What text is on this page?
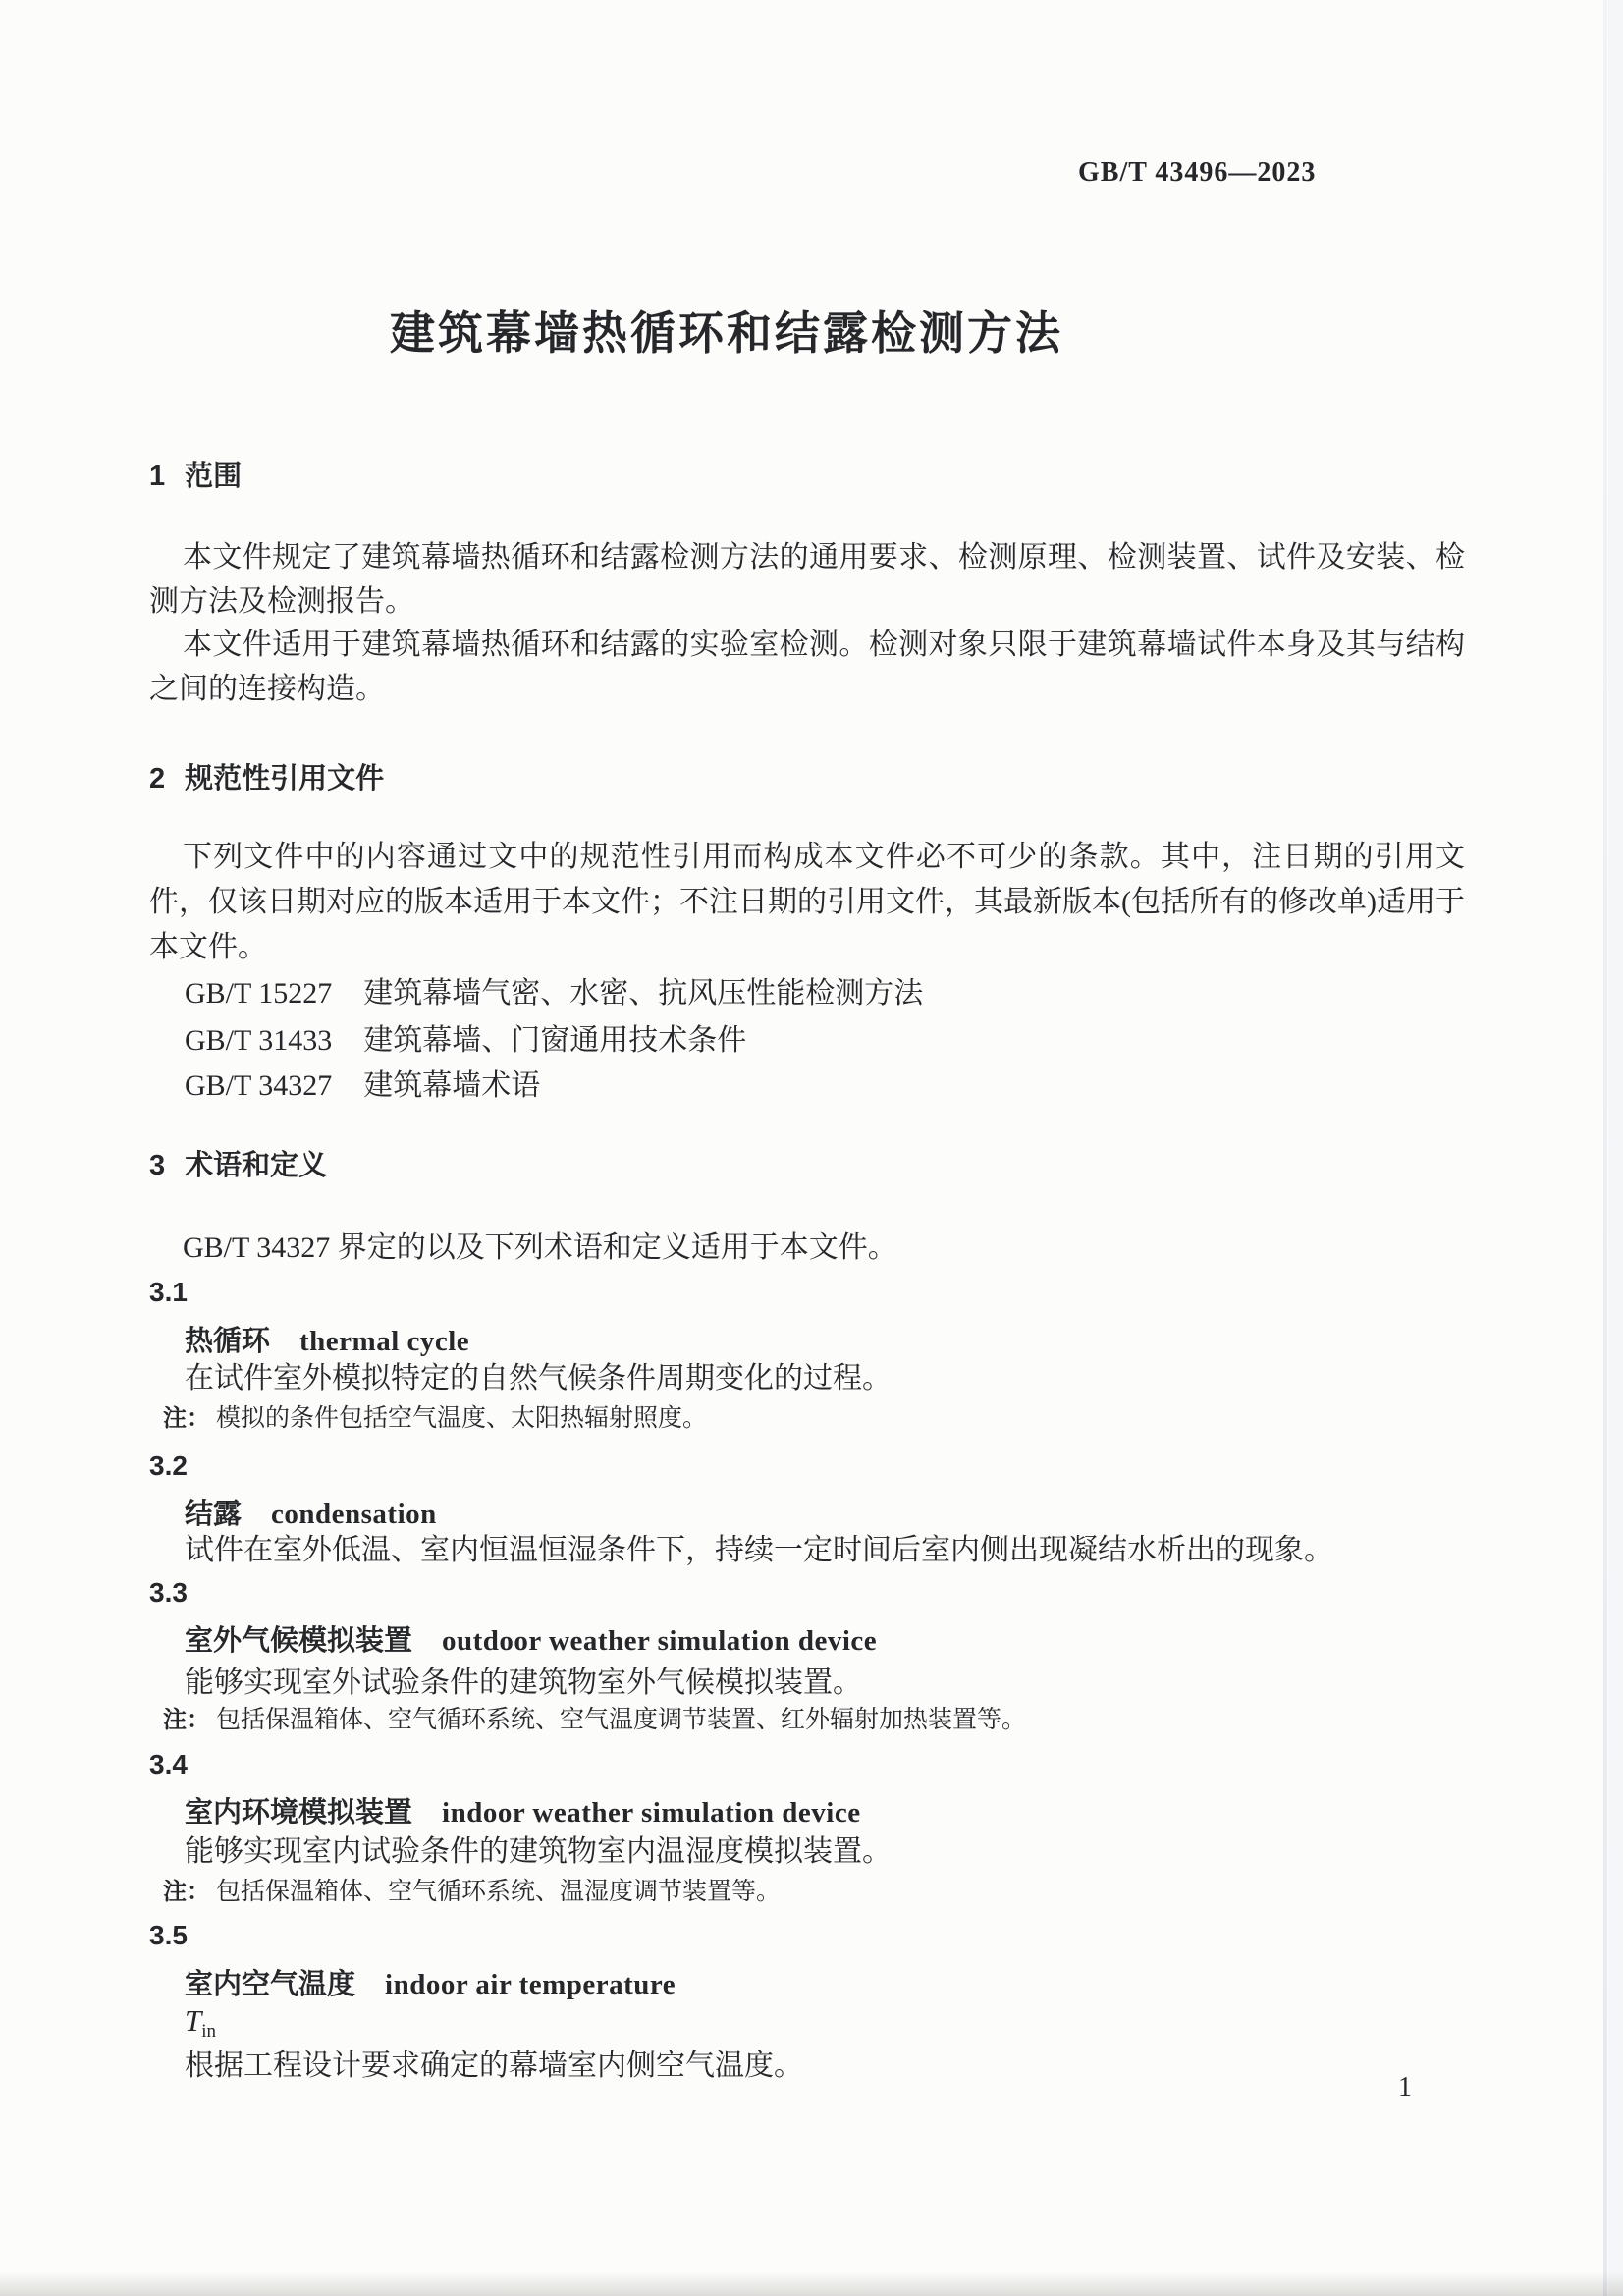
GB/T 43496—2023
建筑幕墙热循环和结露检测方法
1 范围

本文件规定了建筑幕墙热循环和结露检测方法的通用要求、检测原理、检测装置、试件及安装、检测方法及检测报告。

本文件适用于建筑幕墙热循环和结露的实验室检测。检测对象只限于建筑幕墙试件本身及其与结构之间的连接构造。

2 规范性引用文件

下列文件中的内容通过文中的规范性引用而构成本文件必不可少的条款。其中，注日期的引用文件，仅该日期对应的版本适用于本文件；不注日期的引用文件，其最新版本(包括所有的修改单)适用于本文件。

GB/T 15227 建筑幕墙气密、水密、抗风压性能检测方法
GB/T 31433 建筑幕墙、门窗通用技术条件
GB/T 34327 建筑幕墙术语
3 术语和定义

GB/T 34327 界定的以及下列术语和定义适用于本文件。

3.1
热循环 thermal cycle

在试件室外模拟特定的自然气候条件周期变化的过程。

注： 模拟的条件包括空气温度、太阳热辐射照度。
3.2
结露 condensation

试件在室外低温、室内恒温恒湿条件下，持续一定时间后室内侧出现凝结水析出的现象。

3.3
室外气候模拟装置 outdoor weather simulation device

能够实现室外试验条件的建筑物室外气候模拟装置。

注： 包括保温箱体、空气循环系统、空气温度调节装置、红外辐射加热装置等。
3.4
室内环境模拟装置 indoor weather simulation device

能够实现室内试验条件的建筑物室内温湿度模拟装置。

注： 包括保温箱体、空气循环系统、温湿度调节装置等。
3.5
室内空气温度 indoor air temperature
$T_{in}$

根据工程设计要求确定的幕墙室内侧空气温度。

1
